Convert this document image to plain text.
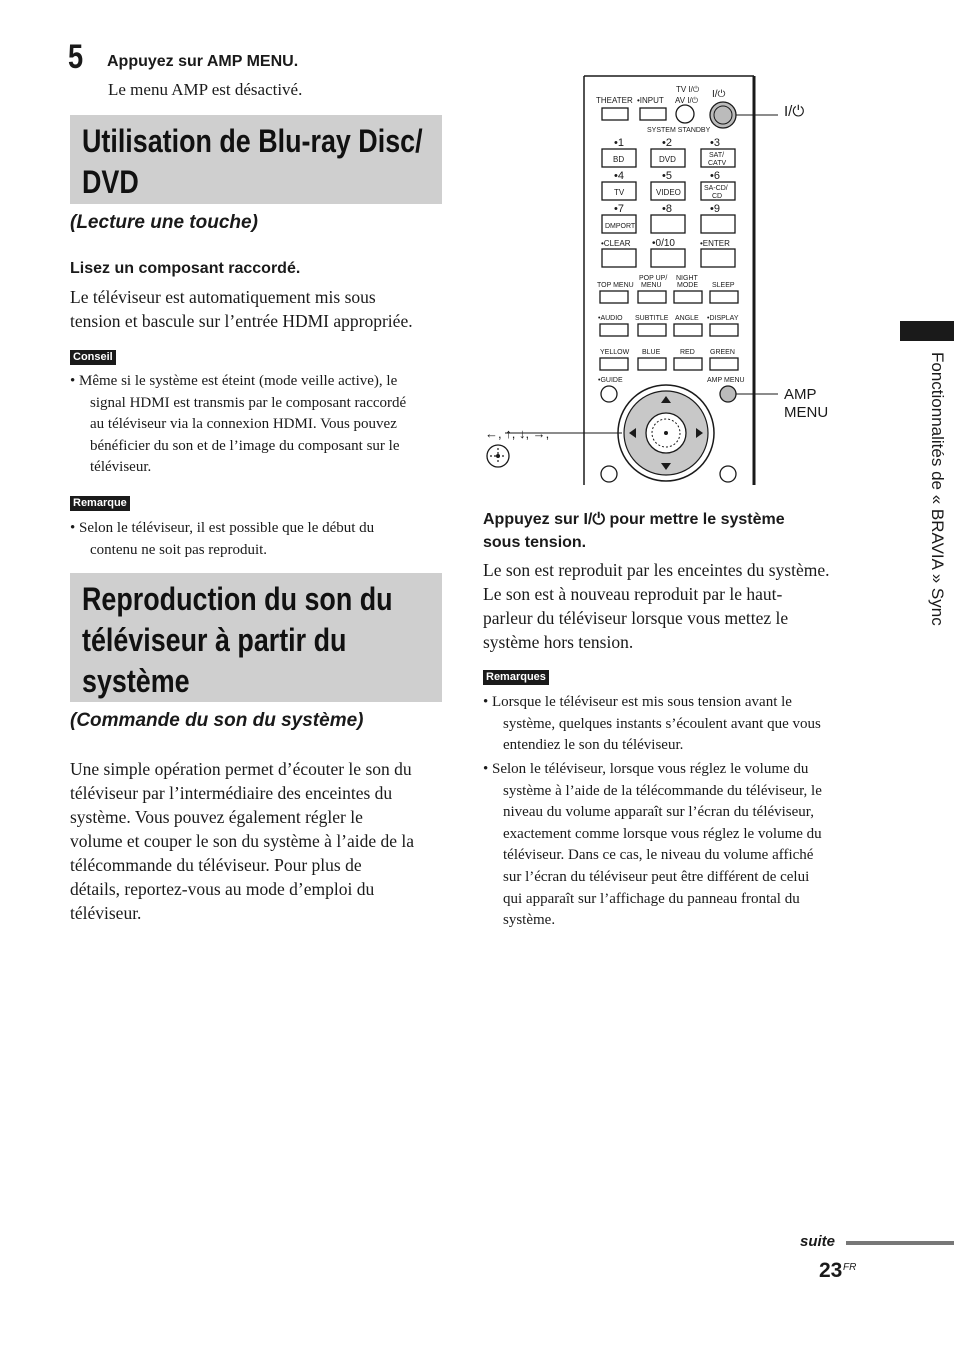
5 Appuyez sur AMP MENU.
Le menu AMP est désactivé.
Utilisation de Blu-ray Disc/
DVD
(Lecture une touche)
Lisez un composant raccordé.
Le téléviseur est automatiquement mis sous
tension et bascule sur l’entrée HDMI appropriée.
Conseil
• Même si le système est éteint (mode veille active), le
signal HDMI est transmis par le composant raccordé
au téléviseur via la connexion HDMI. Vous pouvez
bénéficier du son et de l’image du composant sur le
téléviseur.
Remarque
• Selon le téléviseur, il est possible que le début du
contenu ne soit pas reproduit.
Reproduction du son du
téléviseur à partir du
système
(Commande du son du système)
Une simple opération permet d’écouter le son du
téléviseur par l’intermédiaire des enceintes du
système. Vous pouvez également régler le
volume et couper le son du système à l’aide de la
télécommande du téléviseur. Pour plus de
détails, reportez-vous au mode d’emploi du
téléviseur.
THEATER •INPUT
TV I/⏻
AV I/⏻
I/⏻
SYSTEM STANDBY
•1	•2	•3
BD	DVD	SAT/
CATV
•4	•5	•6
TV	VIDEO	SA-CD/
CD
•7	•8	•9
DMPORT
•CLEAR •0/10	•ENTER
TOP MENU
POP UP/
MENU
NIGHT
MODE SLEEP
•AUDIO SUBTITLE ANGLE •DISPLAY
YELLOW BLUE	RED GREEN
•GUIDE	AMP MENU
I/⏻
AMP
MENU
←, ↑, ↓, →,
Appuyez sur I/⏻ pour mettre le système
sous tension.
Le son est reproduit par les enceintes du système.
Le son est à nouveau reproduit par le haut-
parleur du téléviseur lorsque vous mettez le
système hors tension.
Remarques
• Lorsque le téléviseur est mis sous tension avant le
système, quelques instants s’écoulent avant que vous
entendiez le son du téléviseur.
• Selon le téléviseur, lorsque vous réglez le volume du
système à l’aide de la télécommande du téléviseur, le
niveau du volume apparaît sur l’écran du téléviseur,
exactement comme lorsque vous réglez le volume du
téléviseur. Dans ce cas, le niveau du volume affiché
sur l’écran du téléviseur peut être différent de celui
qui apparaît sur l’affichage du panneau frontal du
système.
Fonctionnalités de « BRAVIA » Sync
suite
23 FR
